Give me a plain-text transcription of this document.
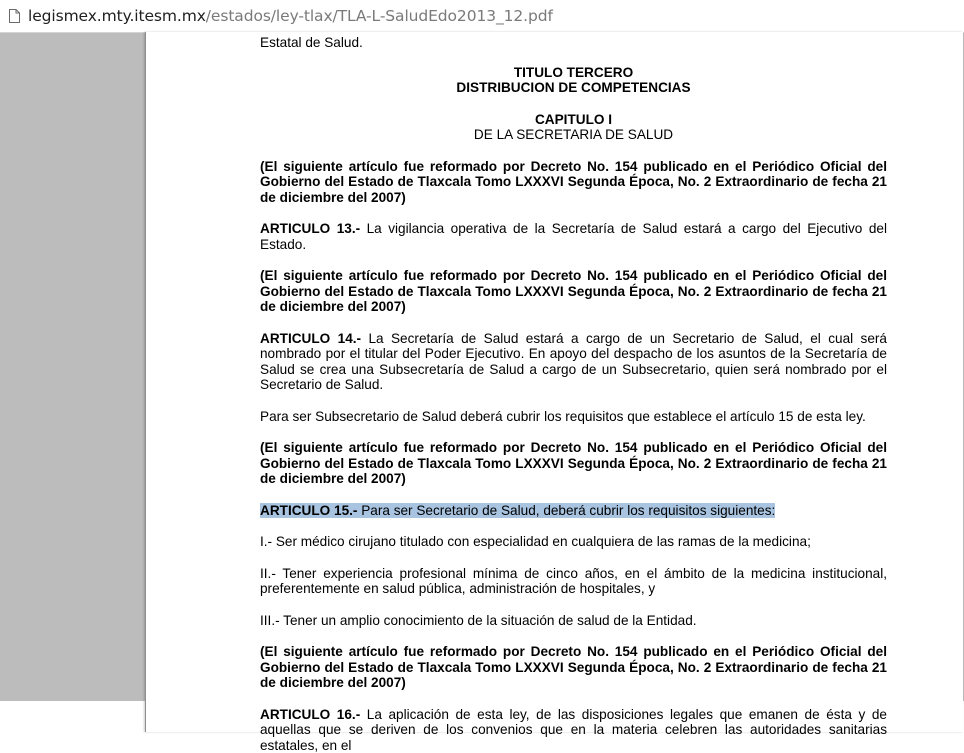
legismex.mty.itesm.mx/estados/ley-tlax/TLA-L-SaludEdo2013_12.pdf

Estatal de Salud.

TITULO TERCERO

DISTRIBUCION DE COMPETENCIAS

CAPITULO I

DE LA SECRETARIA DE SALUD

(El siguiente artículo fue reformado por Decreto No. 154 publicado en el Periódico Oficial del Gobierno del Estado de Tlaxcala Tomo LXXXVI Segunda Época, No. 2 Extraordinario de fecha 21 de diciembre del 2007)

ARTICULO 13.- La vigilancia operativa de la Secretaría de Salud estará a cargo del Ejecutivo del Estado.

(El siguiente artículo fue reformado por Decreto No. 154 publicado en el Periódico Oficial del Gobierno del Estado de Tlaxcala Tomo LXXXVI Segunda Época, No. 2 Extraordinario de fecha 21 de diciembre del 2007)

ARTICULO 14.- La Secretaría de Salud estará a cargo de un Secretario de Salud, el cual será nombrado por el titular del Poder Ejecutivo. En apoyo del despacho de los asuntos de la Secretaría de Salud se crea una Subsecretaría de Salud a cargo de un Subsecretario, quien será nombrado por el Secretario de Salud.

Para ser Subsecretario de Salud deberá cubrir los requisitos que establece el artículo 15 de esta ley.

(El siguiente artículo fue reformado por Decreto No. 154 publicado en el Periódico Oficial del Gobierno del Estado de Tlaxcala Tomo LXXXVI Segunda Época, No. 2 Extraordinario de fecha 21 de diciembre del 2007)

ARTICULO 15.- Para ser Secretario de Salud, deberá cubrir los requisitos siguientes:

I.- Ser médico cirujano titulado con especialidad en cualquiera de las ramas de la medicina;

II.- Tener experiencia profesional mínima de cinco años, en el ámbito de la medicina institucional, preferentemente en salud pública, administración de hospitales, y

III.- Tener un amplio conocimiento de la situación de salud de la Entidad.

(El siguiente artículo fue reformado por Decreto No. 154 publicado en el Periódico Oficial del Gobierno del Estado de Tlaxcala Tomo LXXXVI Segunda Época, No. 2 Extraordinario de fecha 21 de diciembre del 2007)

ARTICULO 16.- La aplicación de esta ley, de las disposiciones legales que emanen de ésta y de aquellas que se deriven de los convenios que en la materia celebren las autoridades sanitarias estatales, en el
